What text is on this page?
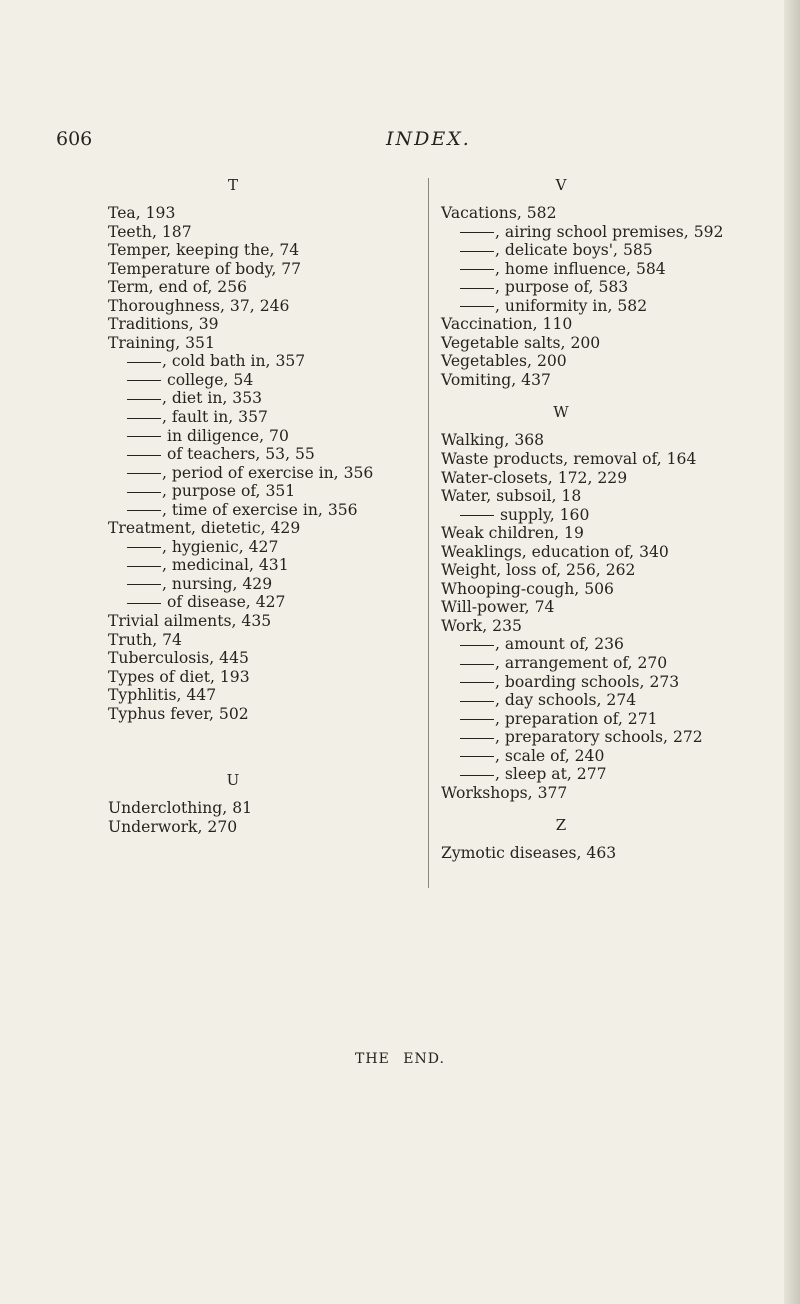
606	INDEX.
T
Tea, 193
Teeth, 187
Temper, keeping the, 74
Temperature of body, 77
Term, end of, 256
Thoroughness, 37, 246
Traditions, 39
Training, 351
, cold bath in, 357
college, 54
, diet in, 353
, fault in, 357
in diligence, 70
of teachers, 53, 55
, period of exercise in, 356
, purpose of, 351
, time of exercise in, 356
Treatment, dietetic, 429
, hygienic, 427
, medicinal, 431
, nursing, 429
of disease, 427
Trivial ailments, 435
Truth, 74
Tuberculosis, 445
Types of diet, 193
Typhlitis, 447
Typhus fever, 502
U
Underclothing, 81
Underwork, 270
V
Vacations, 582
, airing school premises, 592
, delicate boys', 585
, home influence, 584
, purpose of, 583
, uniformity in, 582
Vaccination, 110
Vegetable salts, 200
Vegetables, 200
Vomiting, 437
W
Walking, 368
Waste products, removal of, 164
Water-closets, 172, 229
Water, subsoil, 18
supply, 160
Weak children, 19
Weaklings, education of, 340
Weight, loss of, 256, 262
Whooping-cough, 506
Will-power, 74
Work, 235
, amount of, 236
, arrangement of, 270
, boarding schools, 273
, day schools, 274
, preparation of, 271
, preparatory schools, 272
, scale of, 240
, sleep at, 277
Workshops, 377
Z
Zymotic diseases, 463
THE END.
